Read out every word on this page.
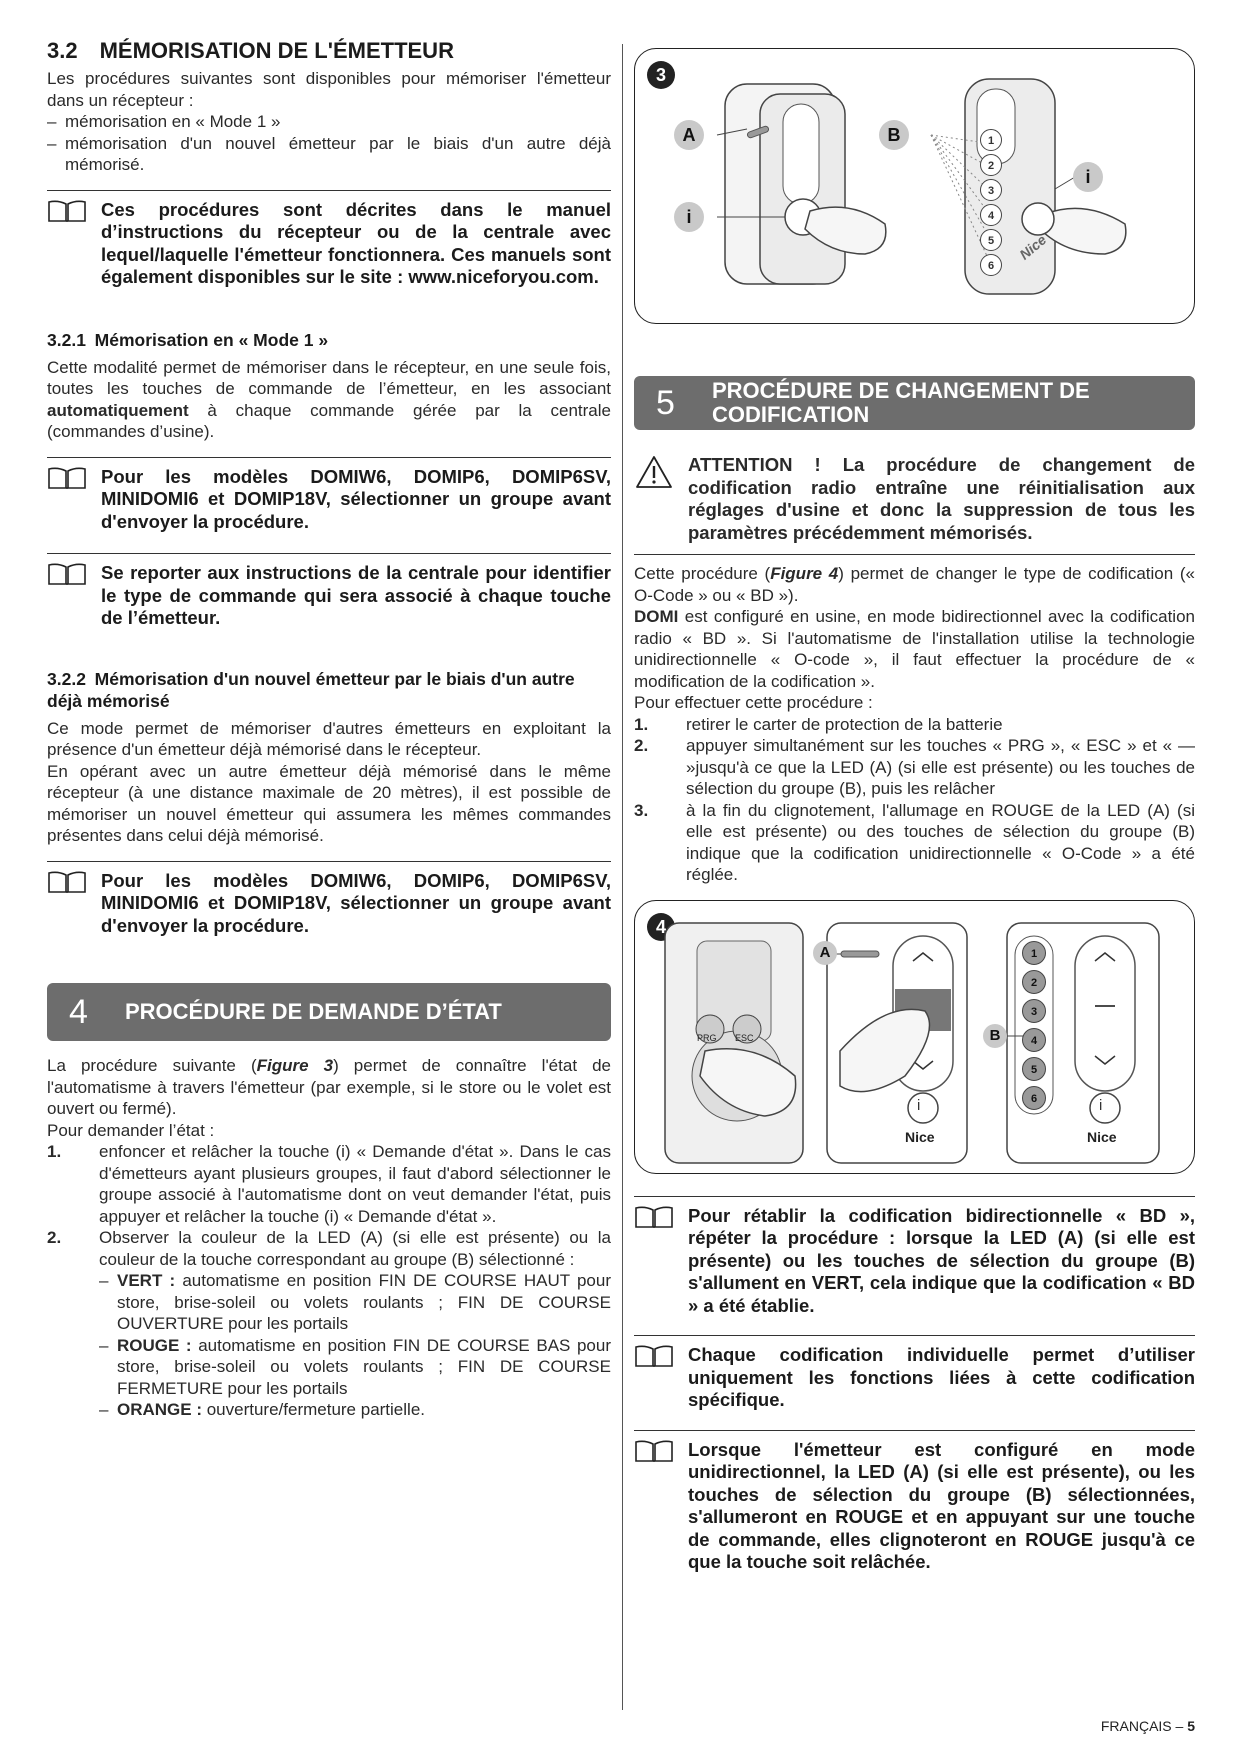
3.2 MÉMORISATION DE L'ÉMETTEUR

Les procédures suivantes sont disponibles pour mémoriser l'émetteur dans un récepteur :

– mémorisation en « Mode 1 »
– mémorisation d'un nouvel émetteur par le biais d'un autre déjà mémorisé.

Ces procédures sont décrites dans le manuel d’instructions du récepteur ou de la centrale avec lequel/laquelle l'émetteur fonctionnera. Ces manuels sont également disponibles sur le site : www.niceforyou.com.

3.2.1 Mémorisation en « Mode 1 »

Cette modalité permet de mémoriser dans le récepteur, en une seule fois, toutes les touches de commande de l’émetteur, en les associant automatiquement à chaque commande gérée par la centrale (commandes d’usine).

Pour les modèles DOMIW6, DOMIP6, DOMIP6SV, MINIDOMI6 et DOMIP18V, sélectionner un groupe avant d'envoyer la procédure.

Se reporter aux instructions de la centrale pour identifier le type de commande qui sera associé à chaque touche de l’émetteur.

3.2.2 Mémorisation d'un nouvel émetteur par le biais d'un autre déjà mémorisé

Ce mode permet de mémoriser d'autres émetteurs en exploitant la présence d'un émetteur déjà mémorisé dans le récepteur.

En opérant avec un autre émetteur déjà mémorisé dans le même récepteur (à une distance maximale de 20 mètres), il est possible de mémoriser un nouvel émetteur qui assumera les mêmes commandes présentes dans celui déjà mémorisé.

Pour les modèles DOMIW6, DOMIP6, DOMIP6SV, MINIDOMI6 et DOMIP18V, sélectionner un groupe avant d'envoyer la procédure.

4	PROCÉDURE DE DEMANDE D’ÉTAT

La procédure suivante (Figure 3) permet de connaître l'état de l'automatisme à travers l'émetteur (par exemple, si le store ou le volet est ouvert ou fermé).

Pour demander l’état :

1. enfoncer et relâcher la touche (i) « Demande d'état ». Dans le cas d'émetteurs ayant plusieurs groupes, il faut d'abord sélectionner le groupe associé à l'automatisme dont on veut demander l'état, puis appuyer et relâcher la touche (i) « Demande d'état ».
2. Observer la couleur de la LED (A) (si elle est présente) ou la couleur de la touche correspondant au groupe (B) sélectionné :
– VERT : automatisme en position FIN DE COURSE HAUT pour store, brise-soleil ou volets roulants ; FIN DE COURSE OUVERTURE pour les portails
– ROUGE : automatisme en position FIN DE COURSE BAS pour store, brise-soleil ou volets roulants ; FIN DE COURSE FERMETURE pour les portails
– ORANGE : ouverture/fermeture partielle.
3
1
2
3
4
5
6
A	B
i
i
Nice
5	PROCÉDURE DE CHANGEMENT DE CODIFICATION

ATTENTION ! La procédure de changement de codification radio entraîne une réinitialisation aux réglages d'usine et donc la suppression de tous les paramètres précédemment mémorisés.

Cette procédure (Figure 4) permet de changer le type de codification (« O-Code » ou « BD »).

DOMI est configuré en usine, en mode bidirectionnel avec la codification radio « BD ». Si l'automatisme de l'installation utilise la technologie unidirectionnelle « O-code », il faut effectuer la procédure de « modification de la codification ».

Pour effectuer cette procédure :

1. retirer le carter de protection de la batterie
2. appuyer simultanément sur les touches « PRG », « ESC » et « — »jusqu'à ce que la LED (A) (si elle est présente) ou les touches de sélection du groupe (B), puis les relâcher
3. à la fin du clignotement, l'allumage en ROUGE de la LED (A) (si elle est présente) ou des touches de sélection du groupe (B) indique que la codification unidirectionnelle « O-Code » a été réglée.
4
PRG ESC
i	i
Nice	Nice
1
2
3
4
5
6
A
B

Pour rétablir la codification bidirectionnelle « BD », répéter la procédure : lorsque la LED (A) (si elle est présente) ou les touches de sélection du groupe (B) s'allument en VERT, cela indique que la codification « BD » a été établie.

Chaque codification individuelle permet d’utiliser uniquement les fonctions liées à cette codification spécifique.

Lorsque l'émetteur est configuré en mode unidirectionnel, la LED (A) (si elle est présente), ou les touches de sélection du groupe (B) sélectionnées, s'allumeront en ROUGE et en appuyant sur une touche de commande, elles clignoteront en ROUGE jusqu'à ce que la touche soit relâchée.

FRANÇAIS – 5
